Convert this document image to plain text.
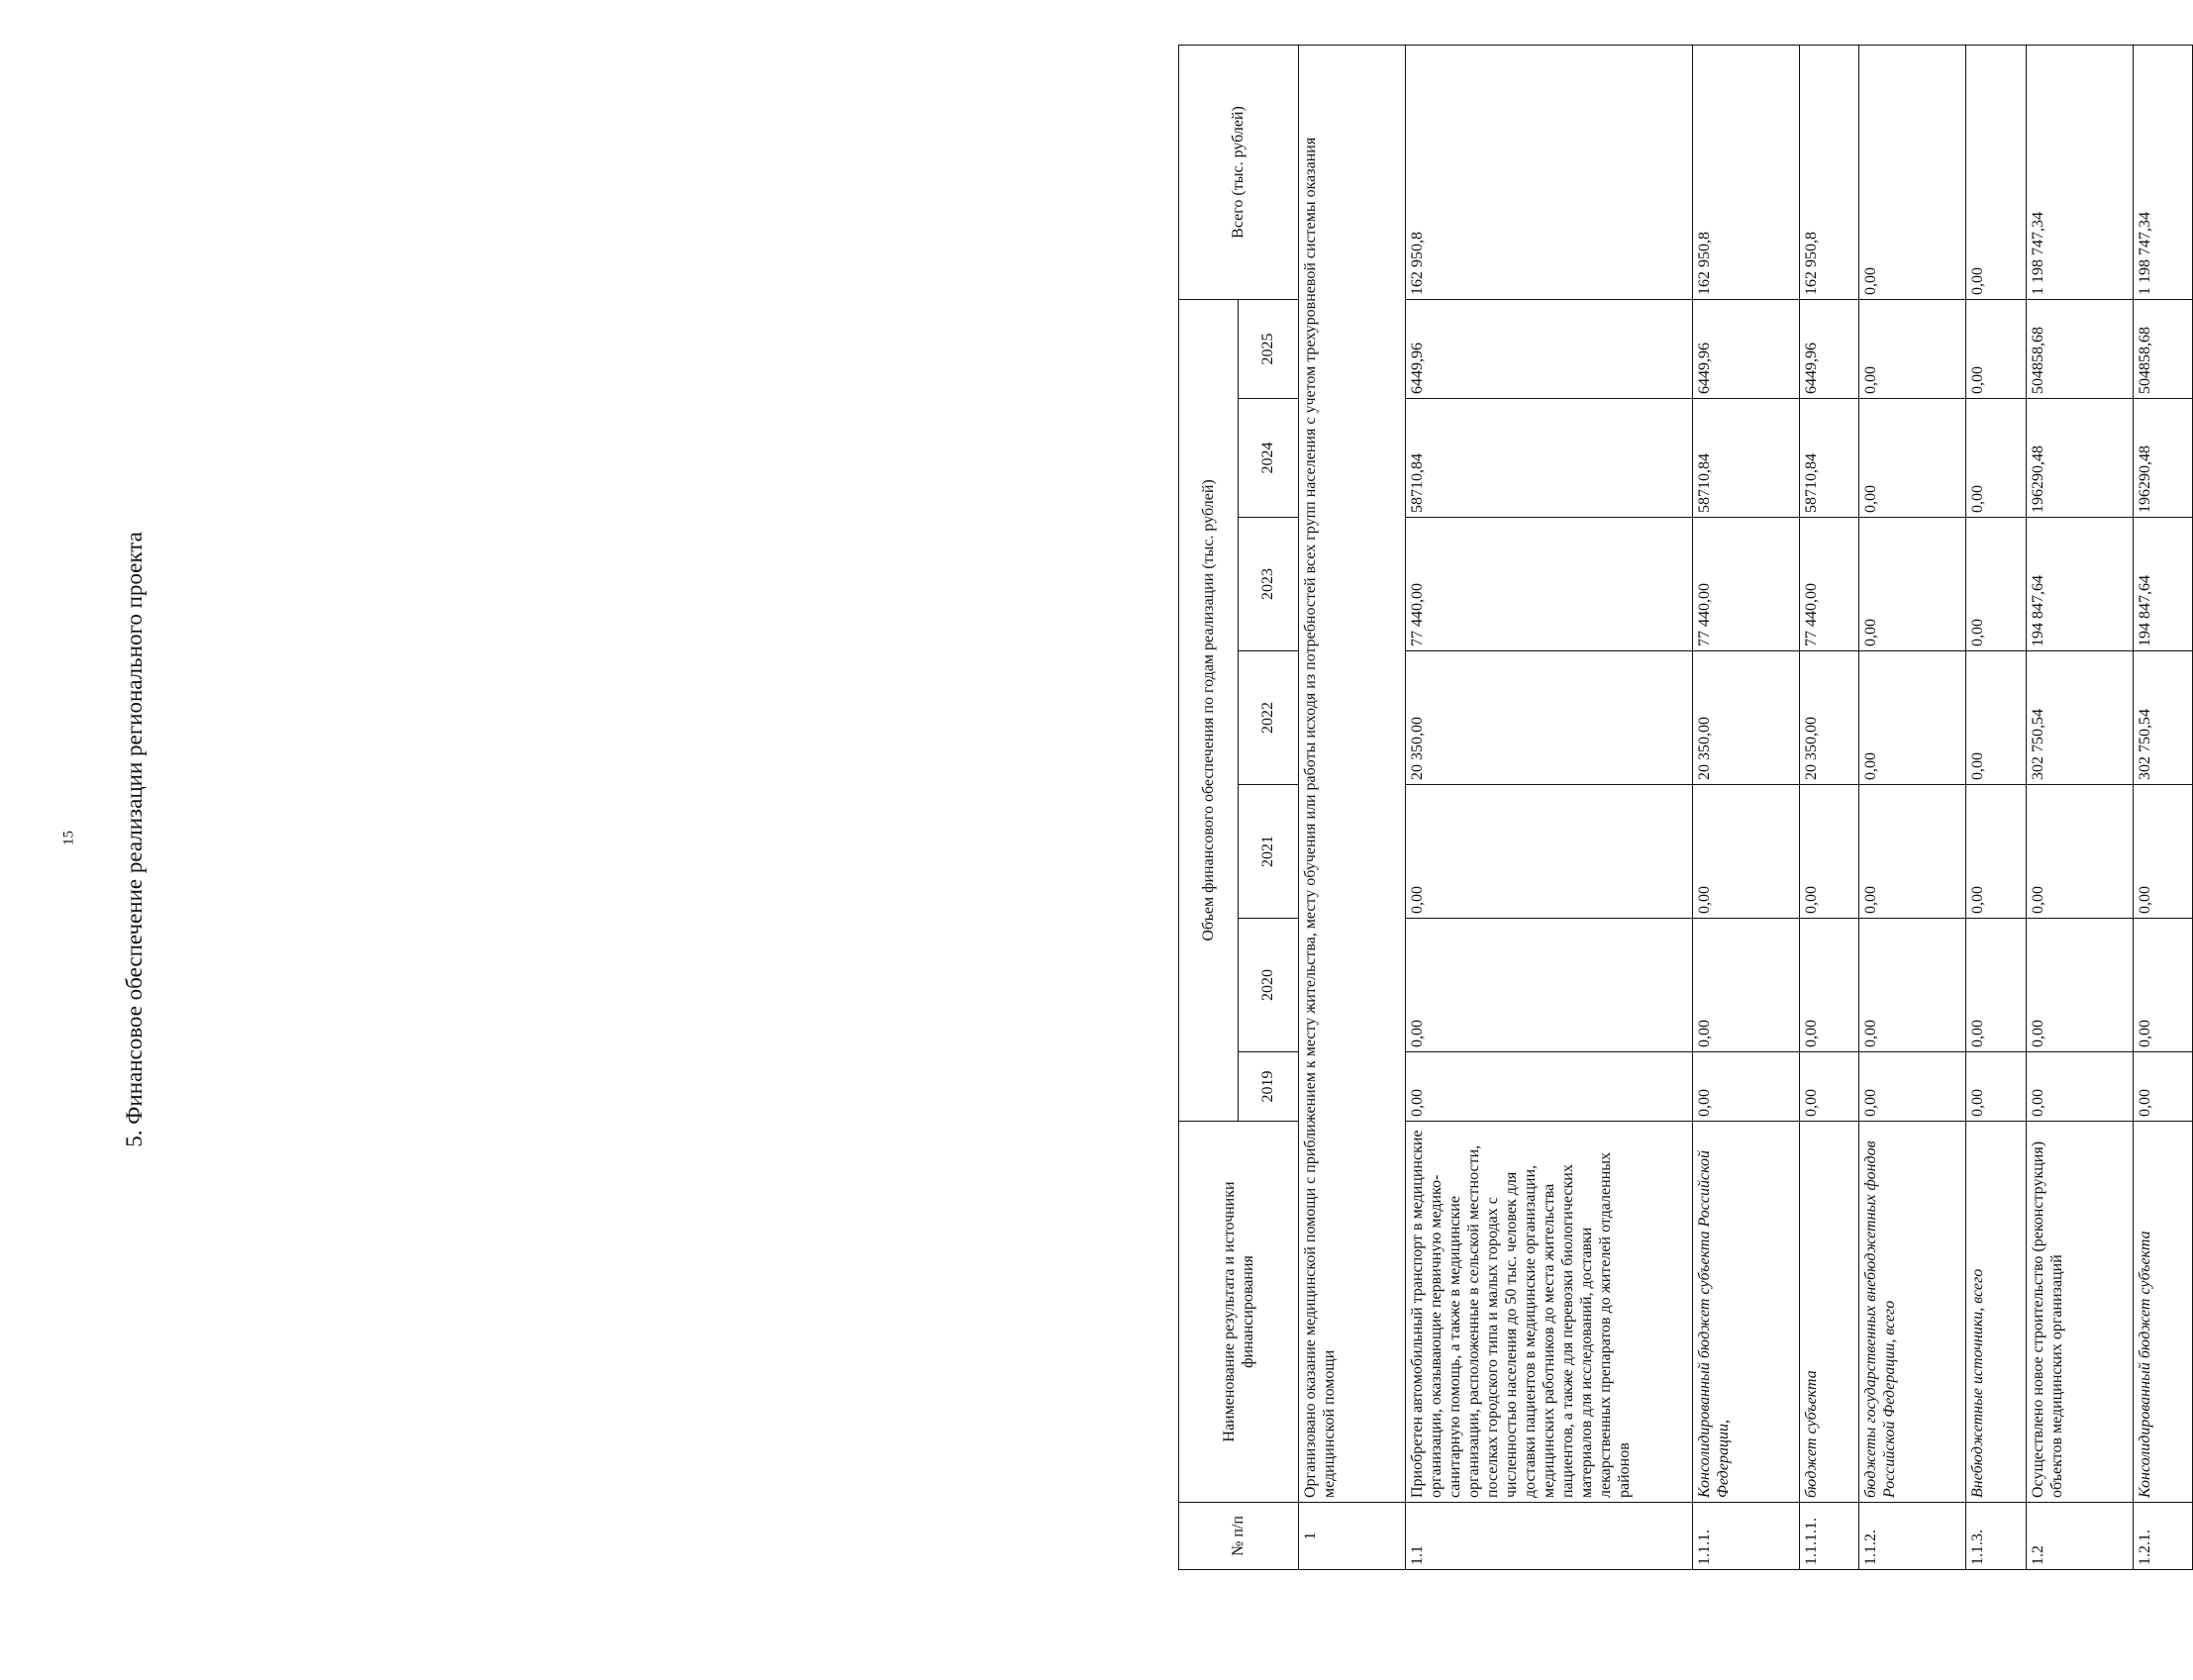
15 5. Финансовое обеспечение реализации регионального проекта
№ п/п	Наименование результата и источники финансирования	Объем финансового обеспечения по годам реализации (тыс. рублей)							Всего (тыс. рублей)
		2019	2020	2021	2022	2023	2024	2025	
1	Организовано оказание медицинской помощи с приближением к месту жительства, месту обучения или работы исходя из потребностей всех групп населения с учетом трехуровневой системы оказания медицинской помощи								
1.1	Приобретен автомобильный транспорт в медицинские организации, оказывающие первичную медико-санитарную помощь, а также в медицинские организации, расположенные в сельской местности, поселках городского типа и малых городах с численностью населения до 50 тыс. человек для доставки пациентов в медицинские организации, медицинских работников до места жительства пациентов, а также для перевозки биологических материалов для исследований, доставки лекарственных препаратов до жителей отдаленных районов	0,00	0,00	0,00	20 350,00	77 440,00	58710,84	6449,96	162 950,8
1.1.1.	Консолидированный бюджет субъекта Российской Федерации,	0,00	0,00	0,00	20 350,00	77 440,00	58710,84	6449,96	162 950,8
1.1.1.1.	бюджет субъекта	0,00	0,00	0,00	20 350,00	77 440,00	58710,84	6449,96	162 950,8
1.1.2.	бюджеты государственных внебюджетных фондов Российской Федерации, всего	0,00	0,00	0,00	0,00	0,00	0,00	0,00	0,00
1.1.3.	Внебюджетные источники, всего	0,00	0,00	0,00	0,00	0,00	0,00	0,00	0,00
1.2	Осуществлено новое строительство (реконструкция) объектов медицинских организаций	0,00	0,00	0,00	302 750,54	194 847,64	196290,48	504858,68	1 198 747,34
1.2.1.	Консолидированный бюджет субъекта	0,00	0,00	0,00	302 750,54	194 847,64	196290,48	504858,68	1 198 747,34
